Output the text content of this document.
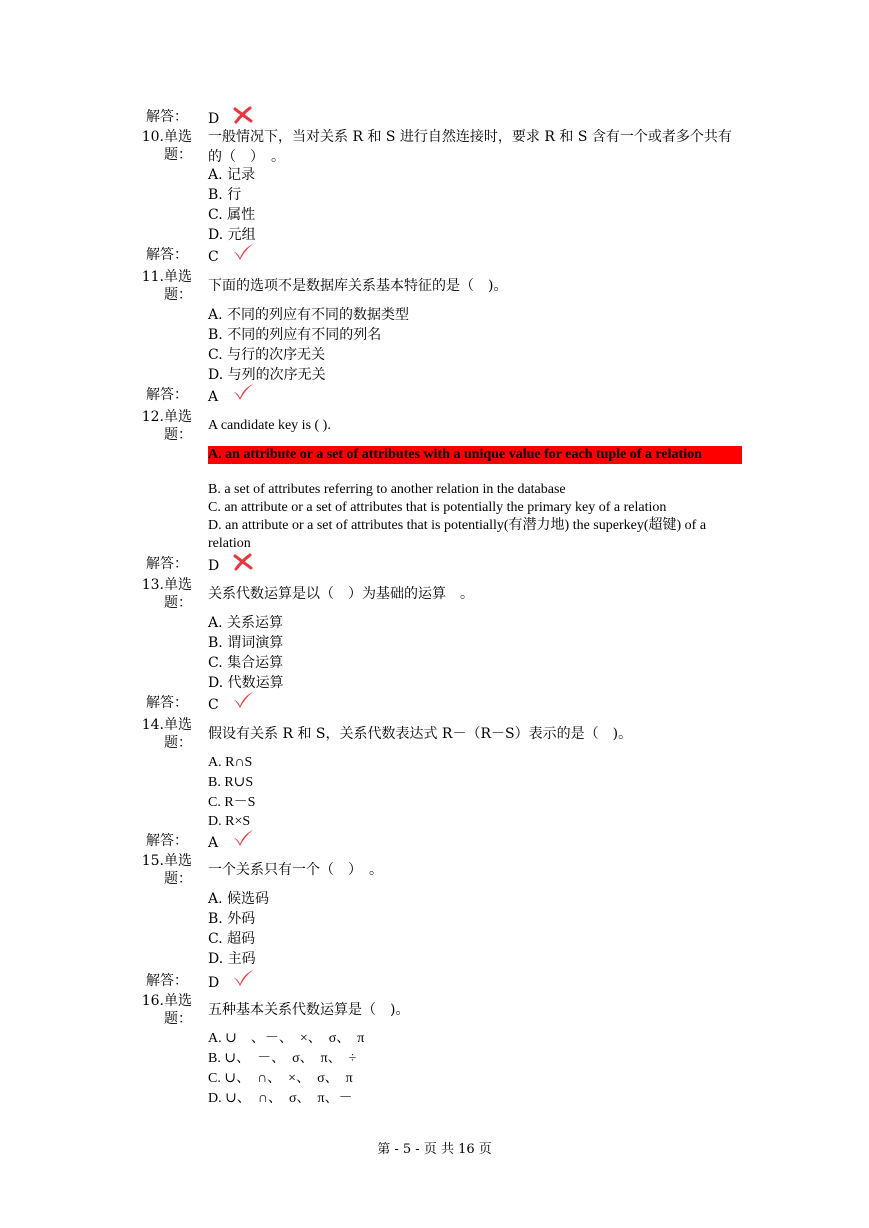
解答： D
10.单选
题：
一般情况下，当对关系 R 和 S 进行自然连接时，要求 R 和 S 含有一个或者多个共有的（　）　。
A. 记录
B. 行
C. 属性
D. 元组
解答： C
11.单选
题：
下面的选项不是数据库关系基本特征的是（　)。
A. 不同的列应有不同的数据类型
B. 不同的列应有不同的列名
C. 与行的次序无关
D. 与列的次序无关
解答： A
12.单选
题：
A candidate key is ( ).
A. an attribute or a set of attributes with a unique value for each tuple of a relation
B. a set of attributes referring to another relation in the database
C. an attribute or a set of attributes that is potentially the primary key of a relation
D. an attribute or a set of attributes that is potentially(有潜力地) the superkey(超键) of a relation
解答： D
13.单选
题：
关系代数运算是以（　）为基础的运算　。
A. 关系运算
B. 谓词演算
C. 集合运算
D. 代数运算
解答： C
14.单选
题：
假设有关系 R 和 S，关系代数表达式 R－（R－S）表示的是（　)。
A. R∩S
B. R∪S
C. R－S
D. R×S
解答： A
15.单选
题：
一个关系只有一个（　）　。
A. 候选码
B. 外码
C. 超码
D. 主码
解答： D
16.单选
题：
五种基本关系代数运算是（　)。
A. ∪　、－、　×、　σ、　π
B. ∪、　－、　σ、　π、　÷
C. ∪、　∩、　×、　σ、　π
D. ∪、　∩、　σ、　π、－
第 - 5 - 页 共 16 页
